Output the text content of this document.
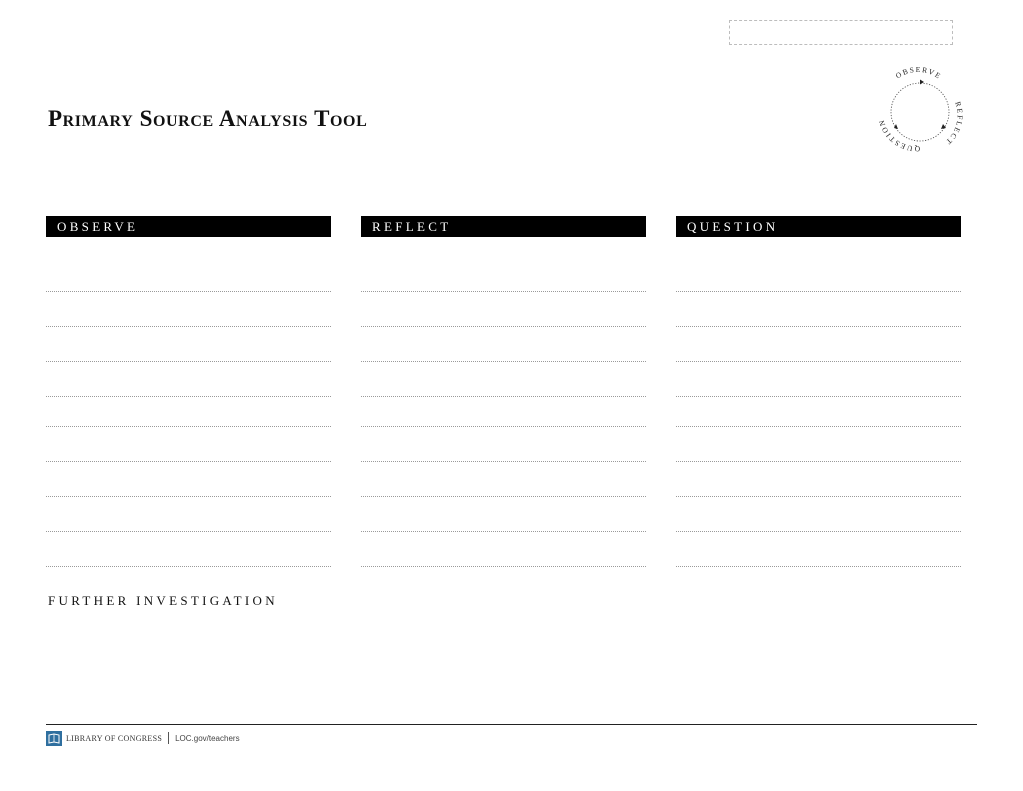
Primary Source Analysis Tool
OBSERVE
REFLECT
QUESTION
OBSERVE	REFLECT	QUESTION
FURTHER INVESTIGATION
LIBRARY OF CONGRESS LOC.gov/teachers
